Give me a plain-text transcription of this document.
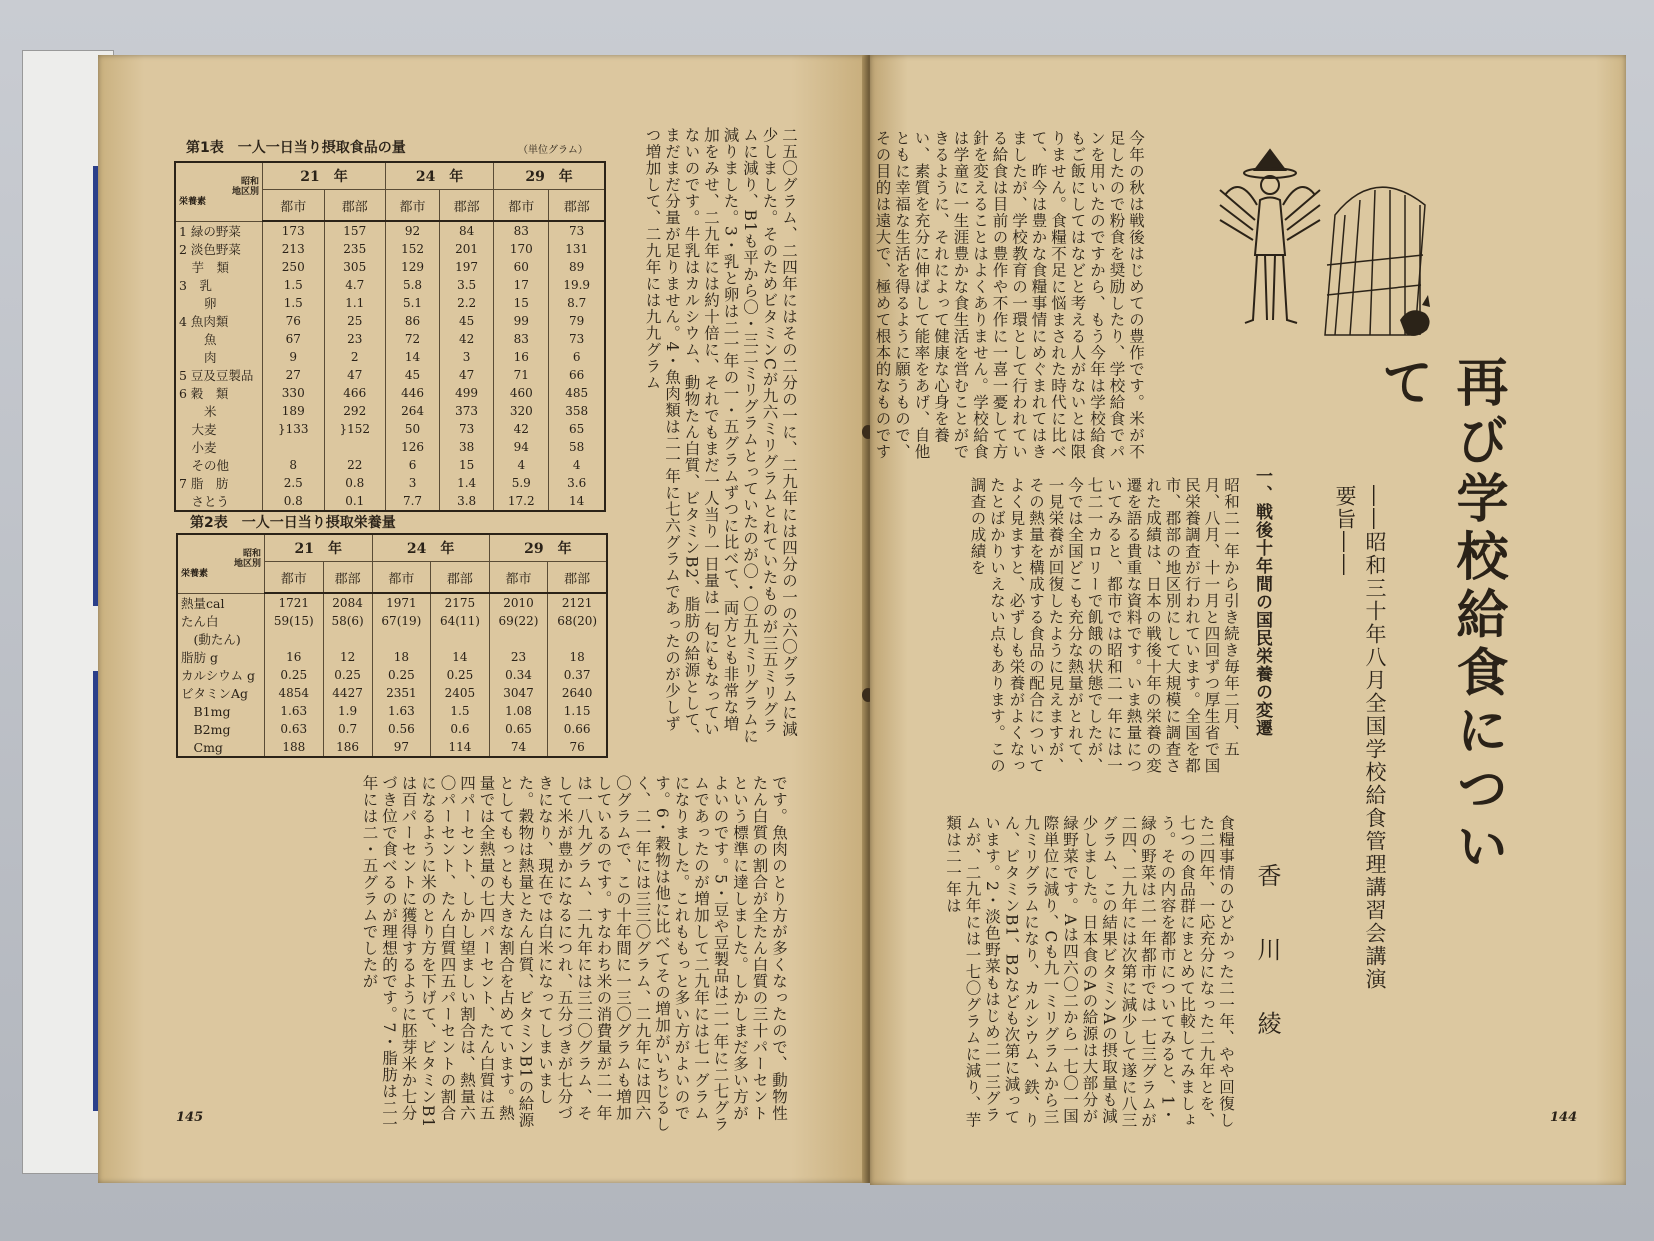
第1表　一人一日当り摂取食品の量	（単位グラム）
昭和
地区別
栄養素	21　年		24　年		29　年	
	都市	郡部	都市	郡部	都市	郡部
1 緑の野菜	173	157	92	84	83	73
2 淡色野菜	213	235	152	201	170	131
　芋　類	250	305	129	197	60	89
3　乳	1.5	4.7	5.8	3.5	17	19.9
　　卵	1.5	1.1	5.1	2.2	15	8.7
4 魚肉類	76	25	86	45	99	79
　　魚	67	23	72	42	83	73
　　肉	9	2	14	3	16	6
5 豆及豆製品	27	47	45	47	71	66
6 穀　類	330	466	446	499	460	485
　　米	189	292	264	373	320	358
　大麦	}133	}152	50	73	42	65
　小麦			126	38	94	58
　その他	8	22	6	15	4	4
7 脂　肪	2.5	0.8	3	1.4	5.9	3.6
　さとう	0.8	0.1	7.7	3.8	17.2	14
第2表　一人一日当り摂取栄養量
昭和
地区別
栄養素	21　年		24　年		29　年	
	都市	郡部	都市	郡部	都市	郡部
熱量cal	1721	2084	1971	2175	2010	2121
たん白	59(15)	58(6)	67(19)	64(11)	69(22)	68(20)
　(動たん)						
脂肪 g	16	12	18	14	23	18
カルシウム g	0.25	0.25	0.25	0.25	0.34	0.37
ビタミンAg	4854	4427	2351	2405	3047	2640
　B1mg	1.63	1.9	1.63	1.5	1.08	1.15
　B2mg	0.63	0.7	0.56	0.6	0.65	0.66
　Cmg	188	186	97	114	74	76
二五〇グラム、二四年にはその二分の一に、二九年には四分の一の六〇グラムに減少しました。そのためビタミンCが九六ミリグラムとれていたものが三五ミリグラムに減り、B1も平から〇・三二ミリグラムとっていたのが〇・〇五九ミリグラムに減りました。3・乳と卵は二一年の一・五グラムずつに比べて、両方とも非常な増加をみせ、二九年には約十倍に、それでもまだ一人当り一日量は一匂にもなっていないのです。牛乳はカルシウム、動物たん白質、ビタミンB2、脂肪の給源として、まだまだ分量が足りません。4・魚肉類は二一年に七六グラムであったのが少しずつ増加して、二九年には九九グラム
です。魚肉のとり方が多くなったので、動物性たん白質の割合が全たん白質の三十パーセントという標準に達しました。しかしまだ多い方がよいのです。5・豆や豆製品は二一年に二七グラムであったのが増加して二九年には七一グラムになりました。これももっと多い方がよいのです。6・穀物は他に比べてその増加がいちじるしく、二一年には三三〇グラム、二九年には四六〇グラムで、この十年間に一三〇グラムも増加しているのです。すなわち米の消費量が二一年は一八九グラム、二九年には三二〇グラム、そして米が豊かになるにつれ、五分づきが七分づきになり、現在では白米になってしまいました。穀物は熱量とたん白質、ビタミンB1の給源としてもっとも大きな割合を占めています。熱量では全熱量の七四パーセント、たん白質は五四パーセント、しかし望ましい割合は、熱量六〇パーセント、たん白質四五パーセントの割合になるように米のとり方を下げて、ビタミンB1は百パーセントに獲得するように胚芽米か七分づき位で食べるのが理想的です。7・脂肪は二一年には二・五グラムでしたが
145
今年の秋は戦後はじめての豊作です。米が不足したので粉食を奨励したり、学校給食でパンを用いたのですから、もう今年は学校給食もご飯にしてはなどと考える人がないとは限りません。食糧不足に悩まされた時代に比べて、昨今は豊かな食糧事情にめぐまれてはきましたが、学校教育の一環として行われている給食は目前の豊作や不作に一喜一憂して方針を変えることはよくありません。学校給食は学童に一生涯豊かな食生活を営むことができるように、それによって健康な心身を養い、素質を充分に伸ばして能率をあげ、自他ともに幸福な生活を得るように願うもので、その目的は遠大で、極めて根本的なものです
再び学校給食について
――昭和三十年八月全国学校給食管理講習会講演要旨――
香川綾
一、戦後十年間の国民栄養の変遷
昭和二一年から引き続き毎年二月、五月、八月、十一月と四回ずつ厚生省で国民栄養調査が行われています。全国を都市、郡部の地区別にして大規模に調査された成績は、日本の戦後十年の栄養の変遷を語る貴重な資料です。いま熱量についてみると、都市では昭和二一年には一七二一カロリーで飢餓の状態でしたが、今では全国どこも充分な熱量がとれて、一見栄養が回復したように見えますが、その熱量を構成する食品の配合についてよく見ますと、必ずしも栄養がよくなったとばかりいえない点もあります。この調査の成績を
食糧事情のひどかった二一年、やや回復した二四年、一応充分になった二九年とを、七つの食品群にまとめて比較してみましょう。その内容を都市についてみると、1・緑の野菜は二一年都市では一七三グラムが二四、二九年には次第に減少して遂に八三グラム、この結果ビタミンAの摂取量も減少しました。日本食のAの給源は大部分が緑野菜です。Aは四六〇二から一七〇一国際単位に減り、Cも九一ミリグラムから三九ミリグラムになり、カルシウム、鉄、りん、ビタミンB1、B2なども次第に減っています。2・淡色野菜もはじめ二一三グラムが、二九年には一七〇グラムに減り、芋類は二一年は
144
